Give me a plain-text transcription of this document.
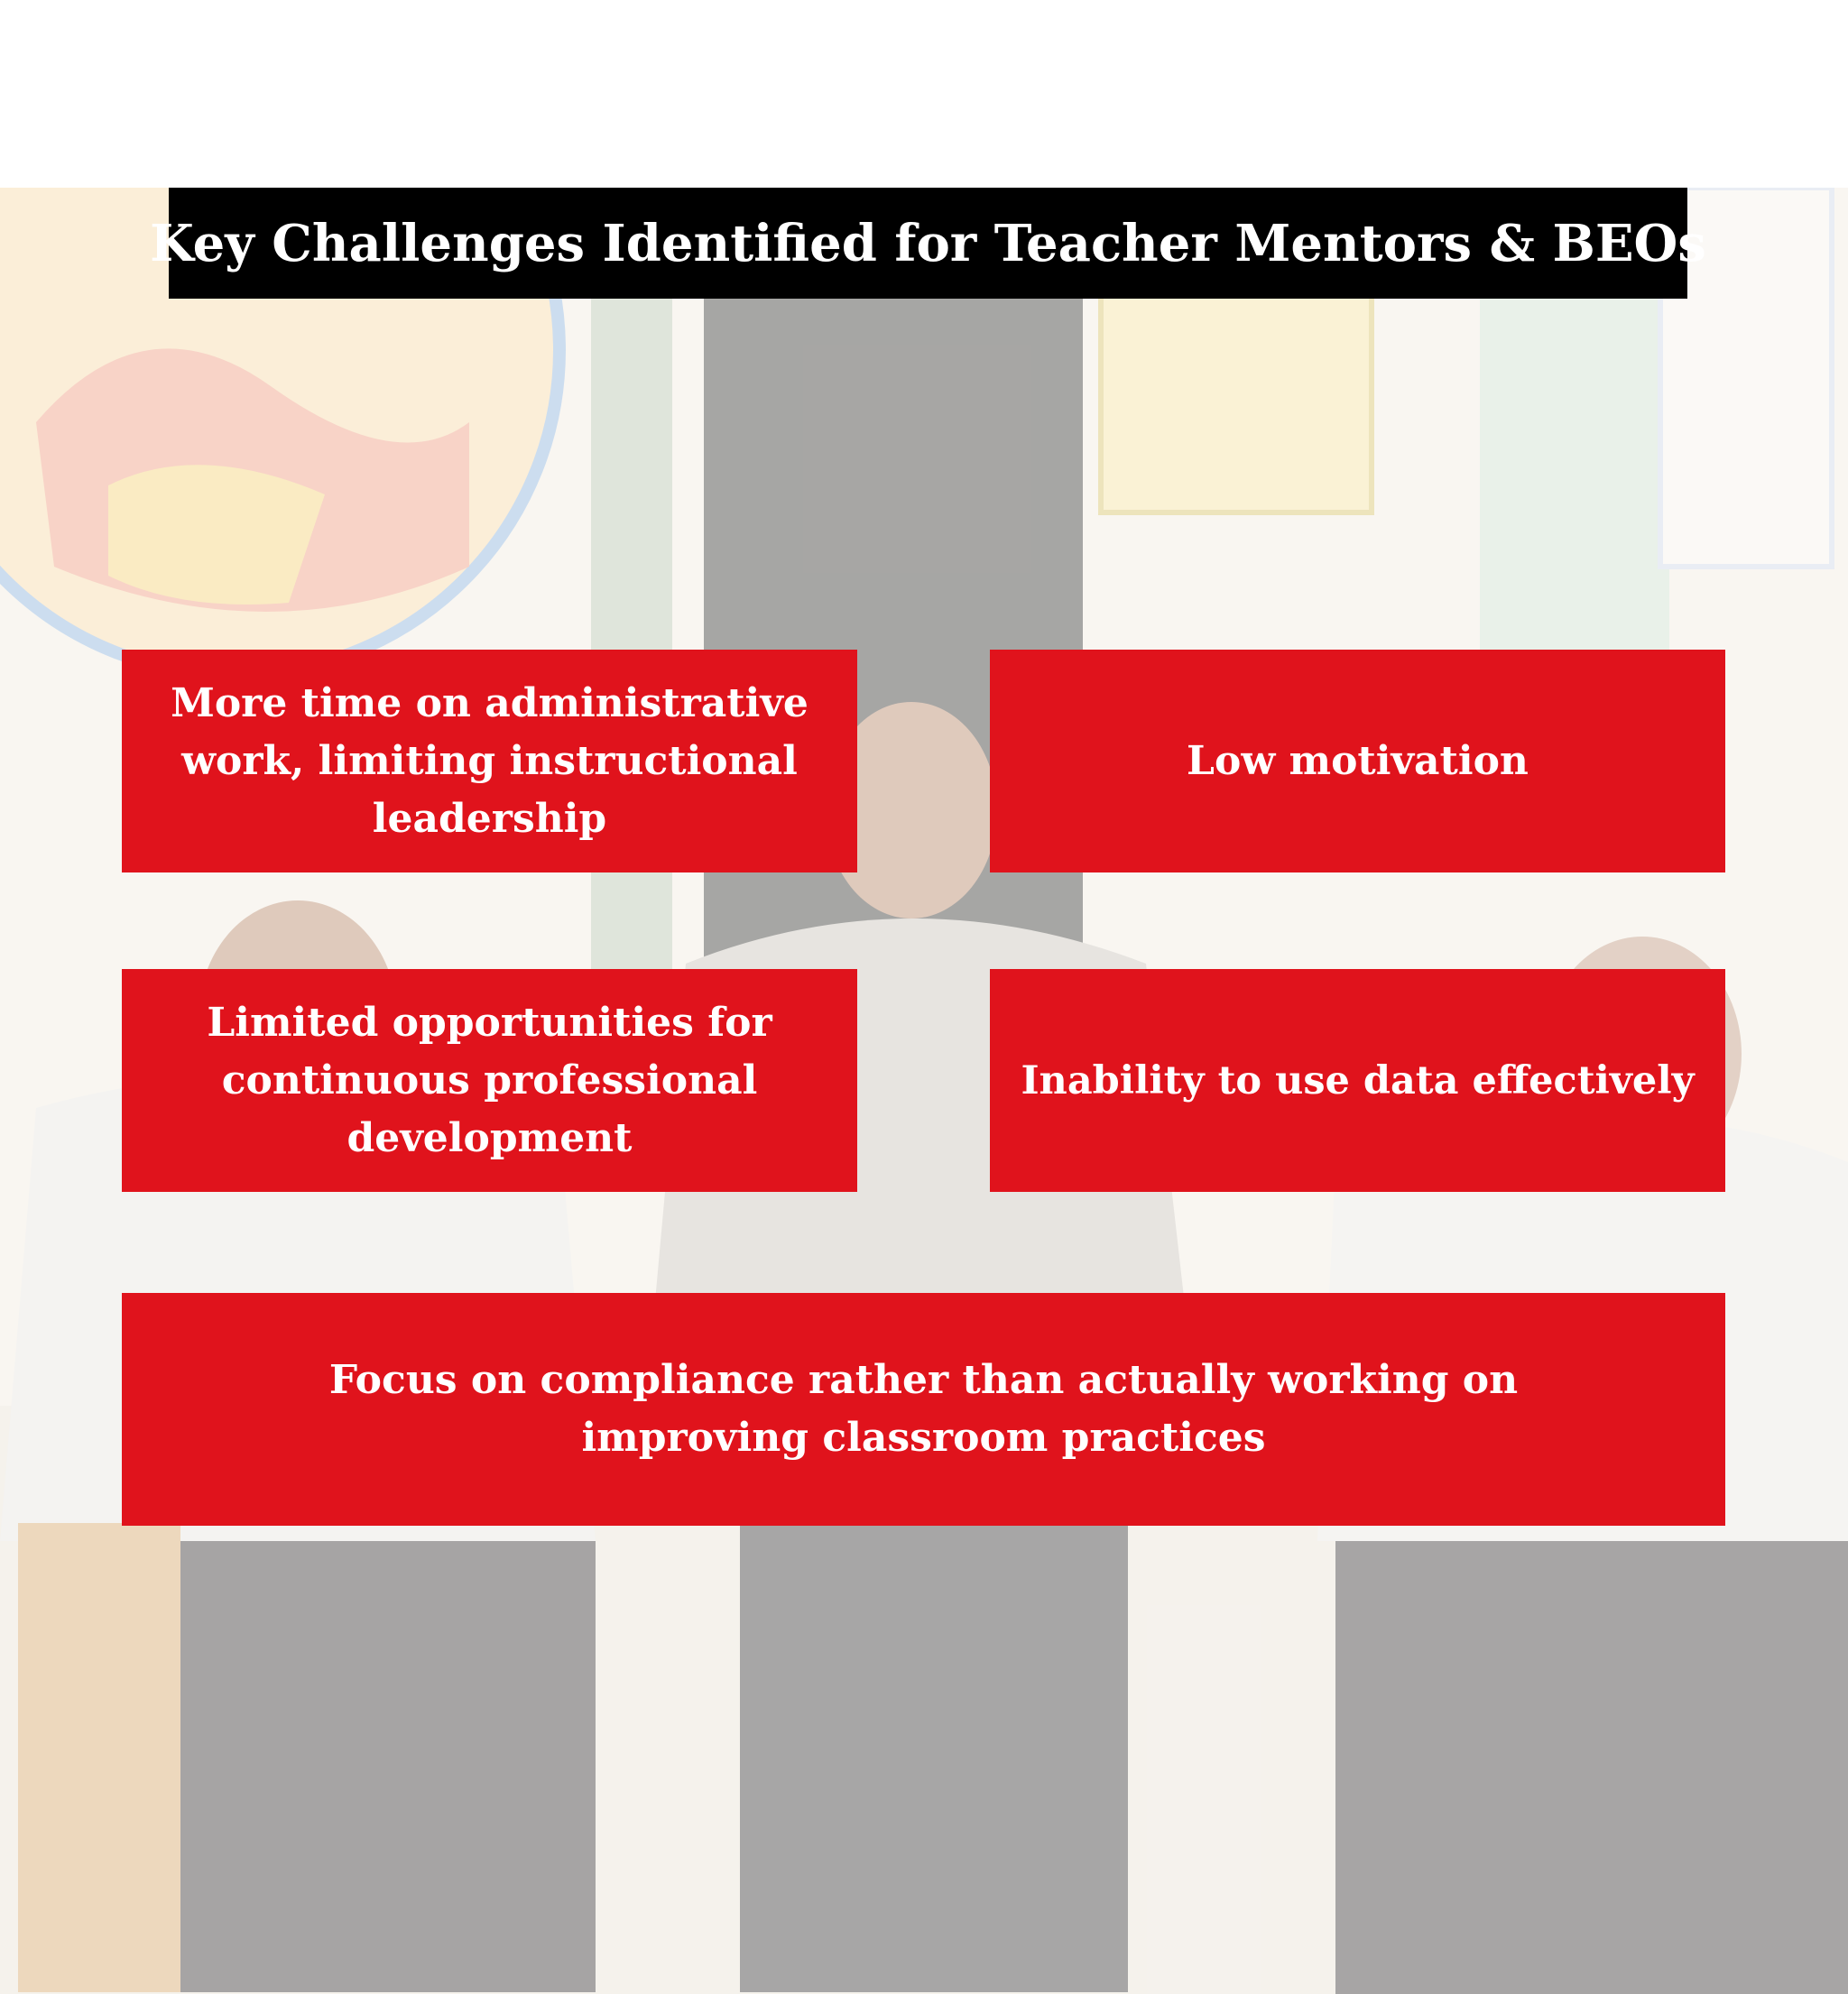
Key Challenges Identified for Teacher Mentors & BEOs
More time on administrative work, limiting instructional leadership
Low motivation
Limited opportunities for continuous professional development
Inability to use data effectively
Focus on compliance rather than actually working on improving classroom practices
